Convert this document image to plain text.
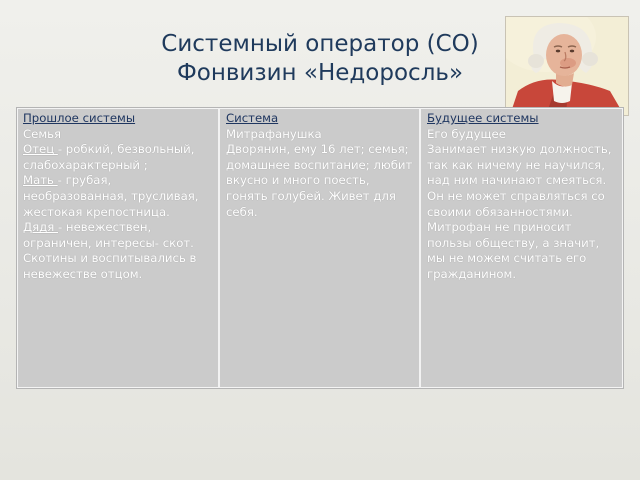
Системный оператор (СО)
Фонвизин «Недоросль»
Прошлое системы
Семья
Отец - робкий, безвольный, слабохарактерный ;
Мать - грубая, необразованная, трусливая, жестокая крепостница.
Дядя - невежествен, ограничен, интересы- скот. Скотины и воспитывались в невежестве отцом.
Система
Митрафанушка
Дворянин, ему 16 лет; семья; домашнее воспитание; любит вкусно и много поесть, гонять голубей. Живет для себя.
Будущее системы
Его будущее
Занимает низкую должность, так как ничему не научился, над ним начинают смеяться. Он не может справляться со своими обязанностями. Митрофан не приносит пользы обществу, а значит, мы не можем считать его гражданином.
